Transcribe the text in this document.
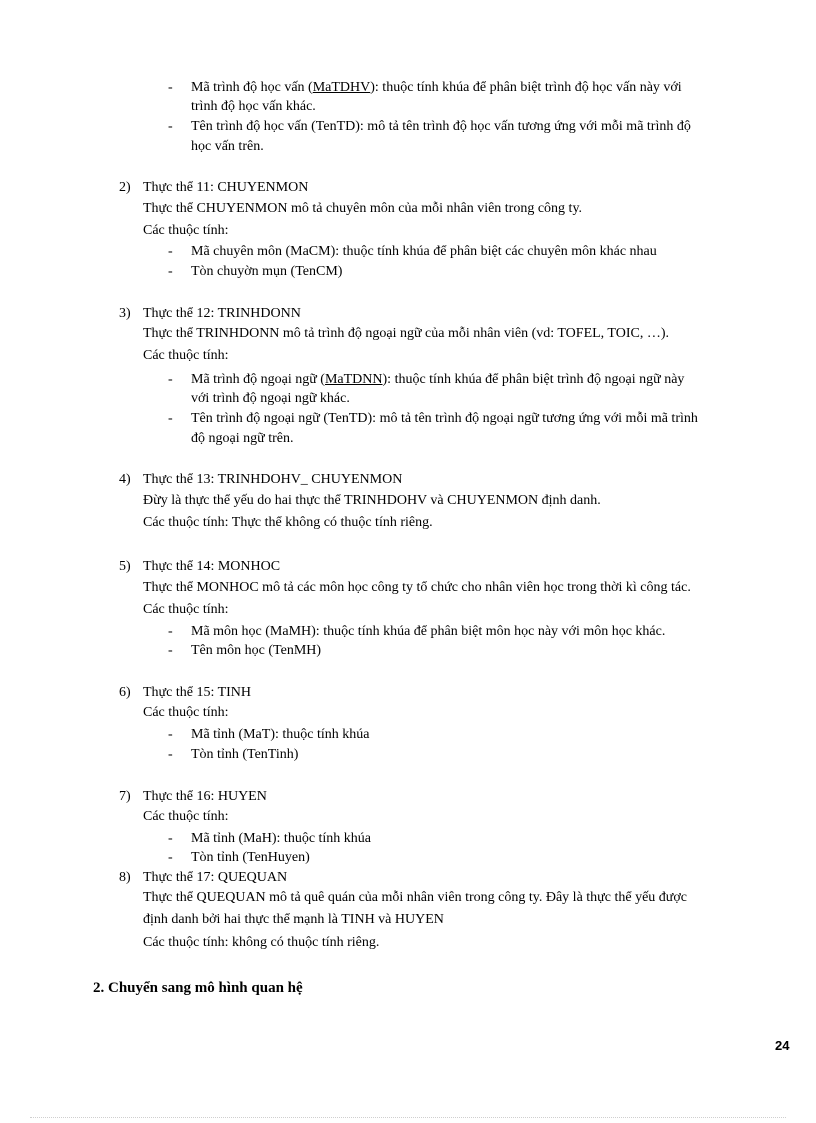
- Mã trình độ học vấn (MaTDHV): thuộc tính khúa để phân biệt trình độ học vấn này với
trình độ học vấn khác.
- Tên trình độ học vấn (TenTD): mô tả tên trình độ học vấn tương ứng với mỗi mã trình độ
học vấn trên.
2) Thực thể 11: CHUYENMON
Thực thể CHUYENMON mô tả chuyên môn của mỗi nhân viên trong công ty.
Các thuộc tính:
- Mã chuyên môn (MaCM): thuộc tính khúa để phân biệt các chuyên môn khác nhau
- Tòn chuyờn mụn (TenCM)
3) Thực thể 12: TRINHDONN
Thực thể TRINHDONN mô tả trình độ ngoại ngữ của mỗi nhân viên (vd: TOFEL, TOIC, …).
Các thuộc tính:
- Mã trình độ ngoại ngữ (MaTDNN): thuộc tính khúa để phân biệt trình độ ngoại ngữ này
với trình độ ngoại ngữ khác.
- Tên trình độ ngoại ngữ (TenTD): mô tả tên trình độ ngoại ngữ tương ứng với mỗi mã trình
độ ngoại ngữ trên.
4) Thực thể 13: TRINHDOHV_ CHUYENMON
Đừy là thực thể yếu do hai thực thể TRINHDOHV và CHUYENMON định danh.
Các thuộc tính: Thực thể không có thuộc tính riêng.
5) Thực thể 14: MONHOC
Thực thể MONHOC mô tả các môn học công ty tổ chức cho nhân viên học trong thời kì công tác.
Các thuộc tính:
- Mã môn học (MaMH): thuộc tính khúa để phân biệt môn học này với môn học khác.
- Tên môn học (TenMH)
6) Thực thể 15: TINH
Các thuộc tính:
- Mã tỉnh (MaT): thuộc tính khúa
- Tòn tỉnh (TenTinh)
7) Thực thể 16: HUYEN
Các thuộc tính:
- Mã tỉnh (MaH): thuộc tính khúa
- Tòn tỉnh (TenHuyen)
8) Thực thể 17: QUEQUAN
Thực thể QUEQUAN mô tả quê quán của mỗi nhân viên trong công ty. Đây là thực thể yếu được
định danh bởi hai thực thể mạnh là TINH và HUYEN
Các thuộc tính: không có thuộc tính riêng.
2. Chuyển sang mô hình quan hệ
24
